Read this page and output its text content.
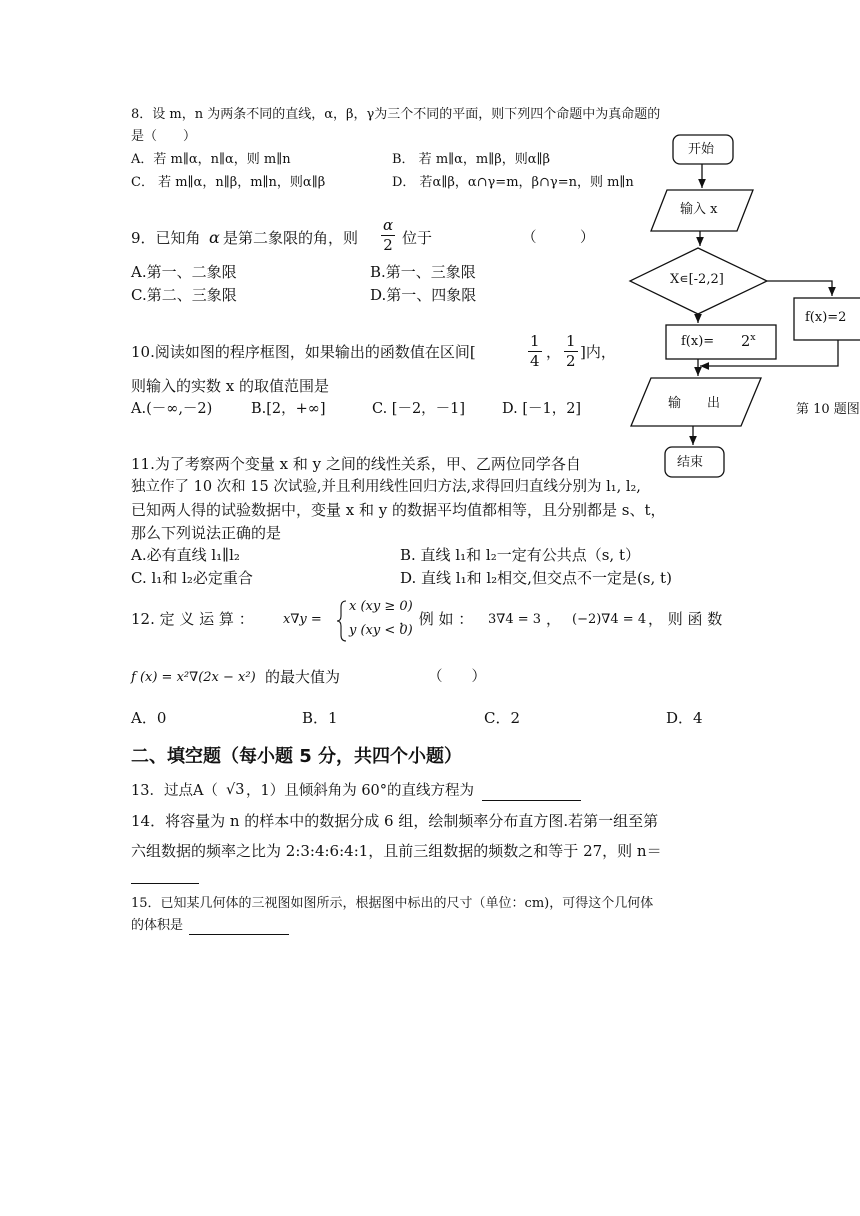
8．设 m，n 为两条不同的直线，α，β，γ为三个不同的平面，则下列四个命题中为真命题的
是（　　）
A．若 m∥α，n∥α，则 m∥n	B． 若 m∥α，m∥β，则α∥β
C． 若 m∥α，n∥β，m∥n，则α∥β	D． 若α∥β，α∩γ=m，β∩γ=n，则 m∥n
9．已知角 α 是第二象限的角，则 $\frac{\alpha}{2}$ 位于	（　　　）
A.第一、二象限	B.第一、三象限
C.第二、三象限	D.第一、四象限
10.阅读如图的程序框图，如果输出的函数值在区间[	$\frac{1}{4}$ ， $\frac{1}{2}$ ]内，
则输入的实数 x 的取值范围是
A.(－∞,－2)	B.[2，+∞]	C. [－2，－1]	D. [－1，2]
开始
输入 x
X∊[-2,2]
$f(x)= 2^x$
f(x)=2
输　　出
结束
第 10 题图
11.为了考察两个变量 x 和 y 之间的线性关系，甲、乙两位同学各自
独立作了 10 次和 15 次试验,并且利用线性回归方法,求得回归直线分别为 l₁, l₂,
已知两人得的试验数据中，变量 x 和 y 的数据平均值都相等，且分别都是 s、t，
那么下列说法正确的是
A.必有直线 l₁∥l₂	B. 直线 l₁和 l₂一定有公共点（s, t）
C. l₁和 l₂必定重合	D. 直线 l₁和 l₂相交,但交点不一定是(s, t)
12. 定 义 运 算 ： x∇y =
x (xy ≥ 0)
y (xy < 0)
， 例 如 ： 3∇4 = 3 ， (−2)∇4 = 4 ， 则 函 数
f (x) = x²∇(2x − x²) 的最大值为	（　　）
A．0	B．1	C．2	D．4
二、填空题（每小题 5 分，共四个小题）
13．过点A（ √3 ，1）且倾斜角为 60°的直线方程为
14．将容量为 n 的样本中的数据分成 6 组，绘制频率分布直方图.若第一组至第
六组数据的频率之比为 2:3:4:6:4:1，且前三组数据的频数之和等于 27，则 n＝
15．已知某几何体的三视图如图所示，根据图中标出的尺寸（单位：cm)，可得这个几何体
的体积是
